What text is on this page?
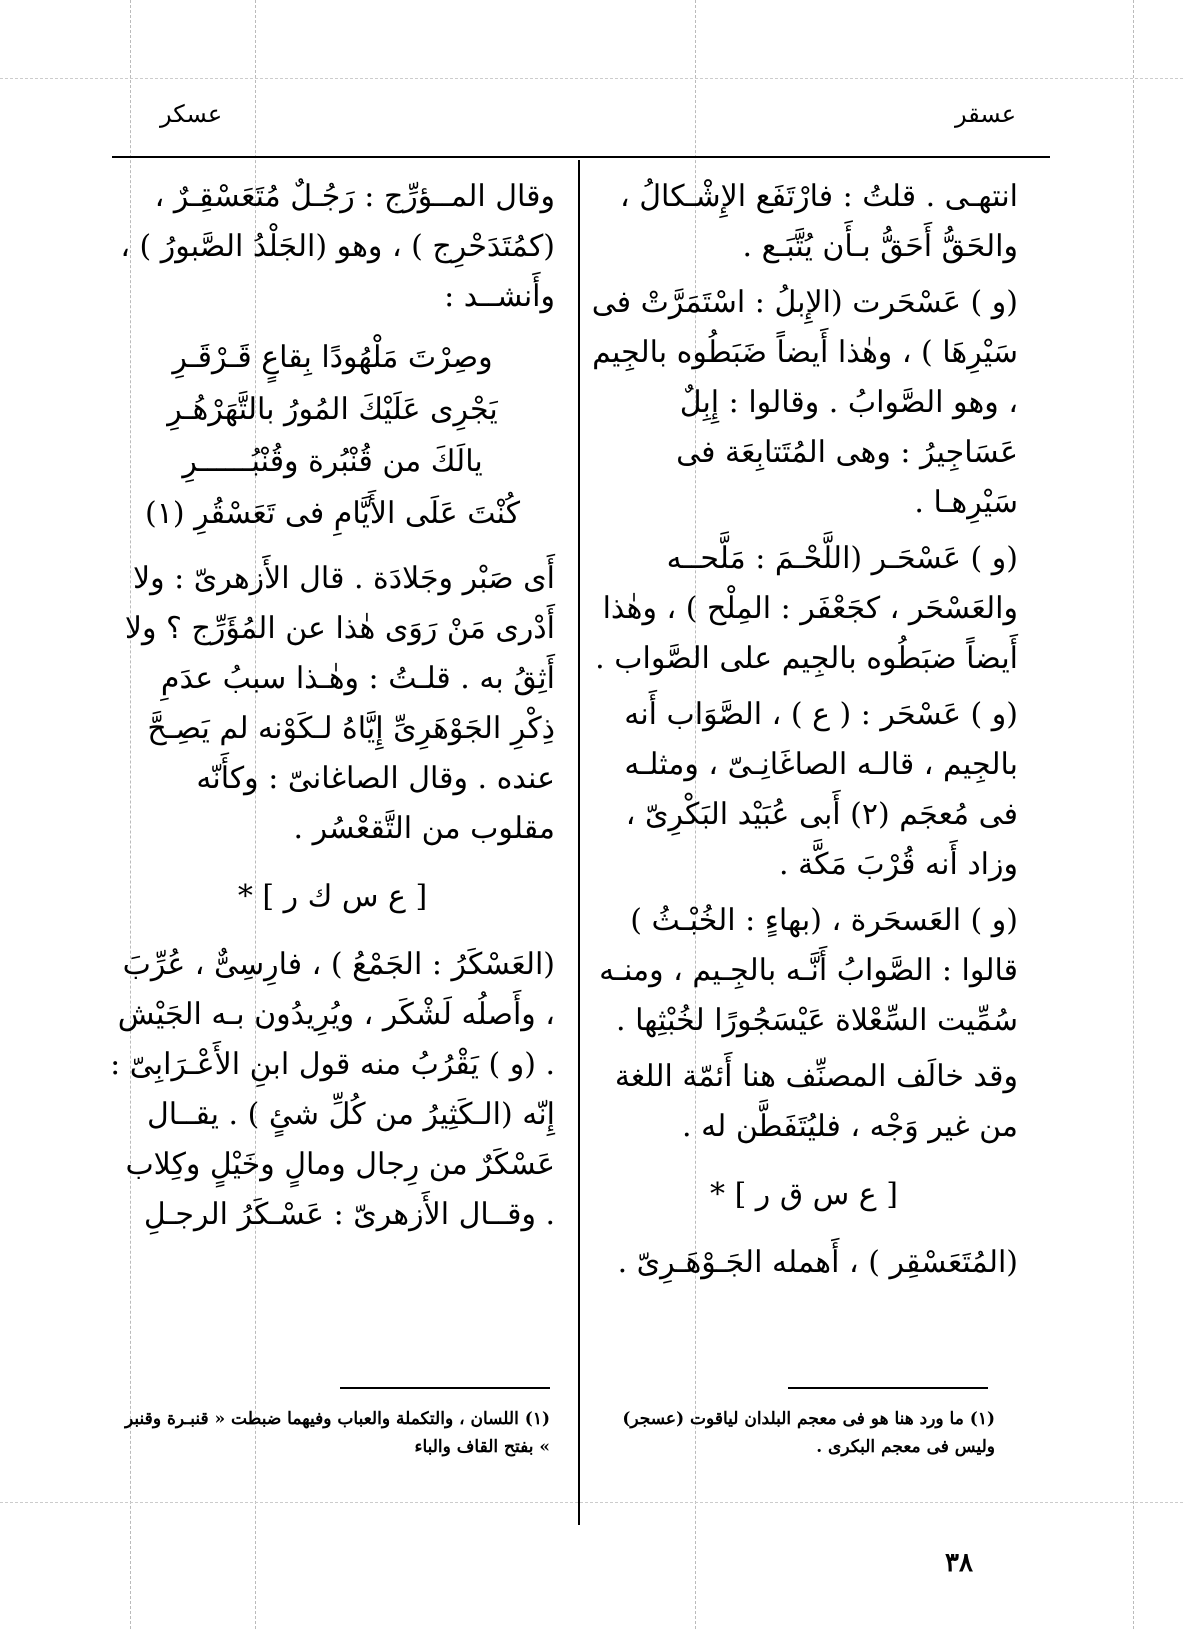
عسكر	عسقر

انتهـى . قلتُ : فارْتَفَع الإِشْـكالُ ، والحَقُّ أَحَقُّ بـأَن يُتَّبَـع .

(و ) عَسْحَرت (الإِبلُ : اسْتَمَرَّتْ فى سَيْرِهَا ) ، وهٰذا أَيضاً ضَبَطُوه بالجِيم ، وهو الصَّوابُ . وقالوا : إِبِلٌ عَسَاجِيرُ : وهى المُتَتابِعَة فى سَيْرِهـا .

(و ) عَسْحَـر (اللَّحْـمَ : مَلَّحــه والعَسْحَر ، كجَعْفَر : المِلْح ) ، وهٰذا أَيضاً ضبَطُوه بالجِيم على الصَّواب .

(و ) عَسْحَر : ( ع ) ، الصَّوَاب أَنه بالجِيم ، قالـه الصاغَانِـىّ ، ومثلـه فى مُعجَم (٢) أَبى عُبَيْد البَكْرِىّ ، وزاد أَنه قُرْبَ مَكَّة .

(و ) العَسحَرة ، (بهاءٍ : الخُبْـثُ ) قالوا : الصَّوابُ أَنَّـه بالجِـيم ، ومنـه سُمِّيت السِّعْلاة عَيْسَجُورًا لخُبْثِها .

وقد خالَف المصنِّف هنا أَئمّة اللغة من غير وَجْه ، فليُتَفَطَّن له .

[ ع س ق ر ] *

(المُتَعَسْقِر ) ، أَهمله الجَـوْهَـرِىّ .

وقال المــؤرِّج : رَجُـلٌ مُتَعَسْقِـرٌ ، (كمُتَدَحْرِج ) ، وهو (الجَلْدُ الصَّبورُ ) ، وأَنشــد :

وصِرْتَ مَلْهُودًا بِقاعٍ قَـرْقَـرِ
يَجْرِى عَلَيْكَ المُورُ بالتَّهَرْهُـرِ
يالَكَ من قُنْبُرة وقُنْبُــــــرِ
كُنْتَ عَلَى الأَيَّامِ فى تَعَسْقُرِ (١)

أَى صَبْر وجَلادَة . قال الأَزهرىّ : ولا أَدْرى مَنْ رَوَى هٰذا عن المُؤَرِّج ؟ ولا أَثِقُ به . قلـتُ : وهٰـذا سببُ عدَمِ ذِكْرِ الجَوْهَرِىِّ إِيَّاهُ لـكَوْنه لم يَصِـحَّ عنده . وقال الصاغانىّ : وكأَنّه مقلوب من التَّقعْسُر .

[ ع س ك ر ] *

(العَسْكَرُ : الجَمْعُ ) ، فارِسِىٌّ ، عُرِّبَ ، وأَصلُه لَشْكَر ، ويُرِيدُون بـه الجَيْش . (و ) يَقْرُبُ منه قول ابنِ الأَعْـرَابِىّ : إِنّه (الـكَثِيرُ من كُلِّ شئٍ ) . يقــال عَسْكَرٌ من رِجال ومالٍ وخَيْلٍ وكِلاب . وقــال الأَزهرىّ : عَسْـكَرُ الرجـلِ

(١) ما ورد هنا هو فى معجم البلدان لياقوت (عسجر) وليس فى معجم البكرى .
(١) اللسان ، والتكملة والعباب وفيهما ضبطت « قنبـرة وقنبر » بفتح القاف والباء
٣٨
